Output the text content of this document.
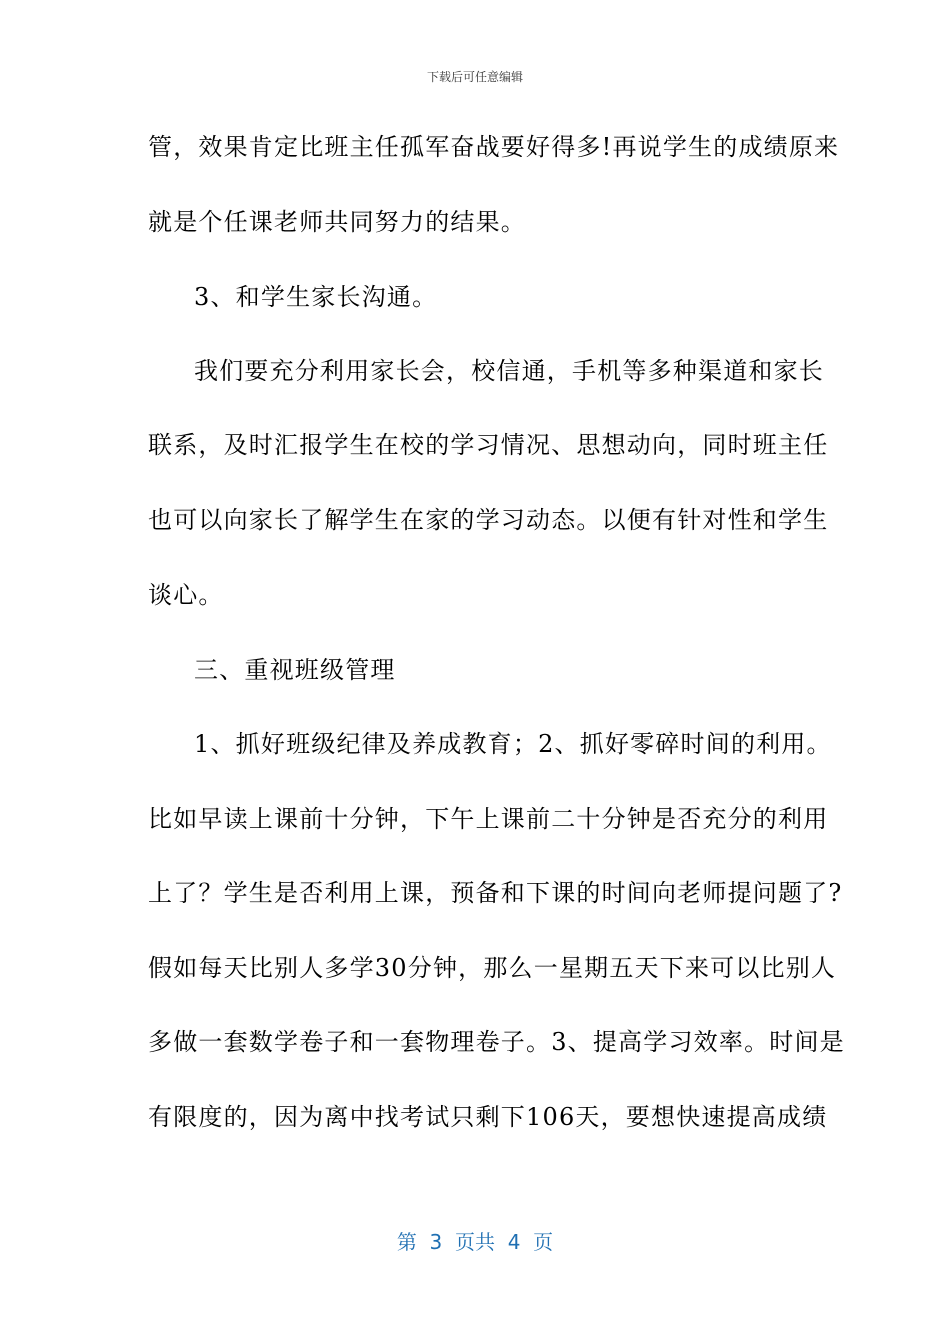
下载后可任意编辑
管，效果肯定比班主任孤军奋战要好得多!再说学生的成绩原来
就是个任课老师共同努力的结果。
3、和学生家长沟通。
我们要充分利用家长会，校信通，手机等多种渠道和家长
联系，及时汇报学生在校的学习情况、思想动向，同时班主任
也可以向家长了解学生在家的学习动态。以便有针对性和学生
谈心。
三、重视班级管理
1、抓好班级纪律及养成教育；2、抓好零碎时间的利用。
比如早读上课前十分钟，下午上课前二十分钟是否充分的利用
上了？学生是否利用上课，预备和下课的时间向老师提问题了?
假如每天比别人多学30分钟，那么一星期五天下来可以比别人
多做一套数学卷子和一套物理卷子。3、提高学习效率。时间是
有限度的，因为离中找考试只剩下106天，要想快速提高成绩
第  3  页共  4  页
